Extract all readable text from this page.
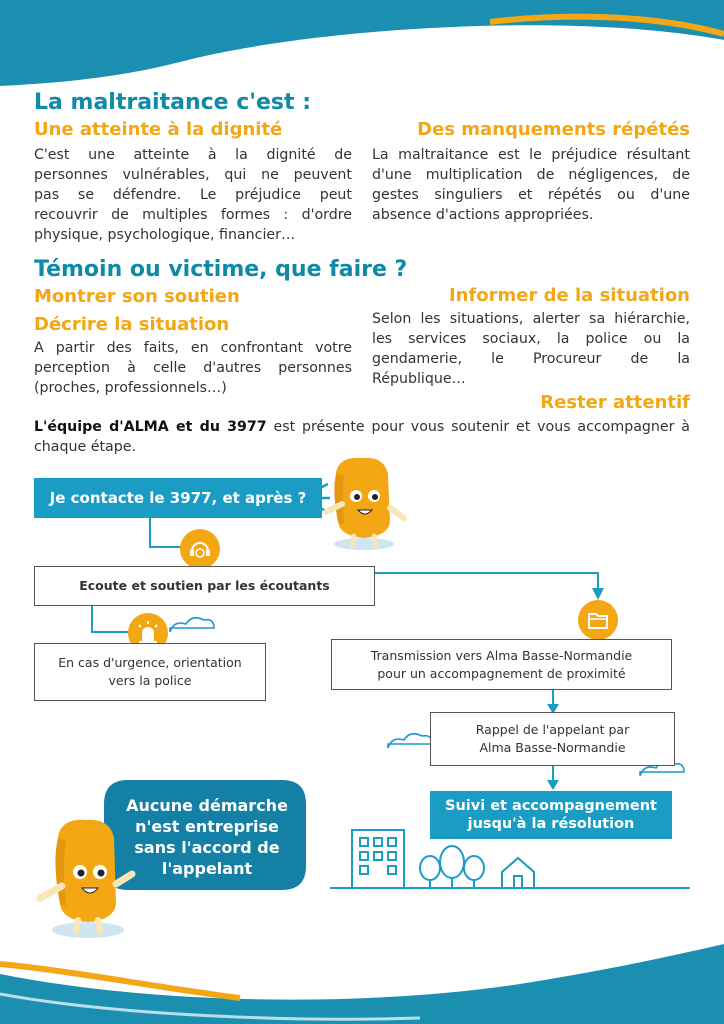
La maltraitance c'est :
Une atteinte à la dignité
C'est une atteinte à la dignité de
personnes vulnérables, qui ne peuvent
pas se défendre. Le préjudice peut
recouvrir de multiples formes : d'ordre
physique, psychologique, financier…
Des manquements répétés
La maltraitance est le préjudice résultant
d'une multiplication de négligences, de
gestes singuliers et répétés ou d'une
absence d'actions appropriées.
Témoin ou victime, que faire ?
Montrer son soutien
Décrire la situation
A partir des faits, en confrontant votre
perception à celle d'autres personnes
(proches, professionnels…)
Informer de la situation
Selon les situations, alerter sa hiérarchie,
les services sociaux, la police ou la
gendamerie, le Procureur de la
République…
Rester attentif
L'équipe d'ALMA et du 3977 est présente pour vous soutenir et vous accompagner à
chaque étape.
Je contacte le 3977, et après ?
Ecoute et soutien par les écoutants
En cas d'urgence, orientation
vers la police
Transmission vers Alma Basse-Normandie
pour un accompagnement de proximité
Rappel de l'appelant par
Alma Basse-Normandie
Suivi et accompagnement
jusqu'à la résolution
Aucune démarche
n'est entreprise
sans l'accord de
l'appelant
